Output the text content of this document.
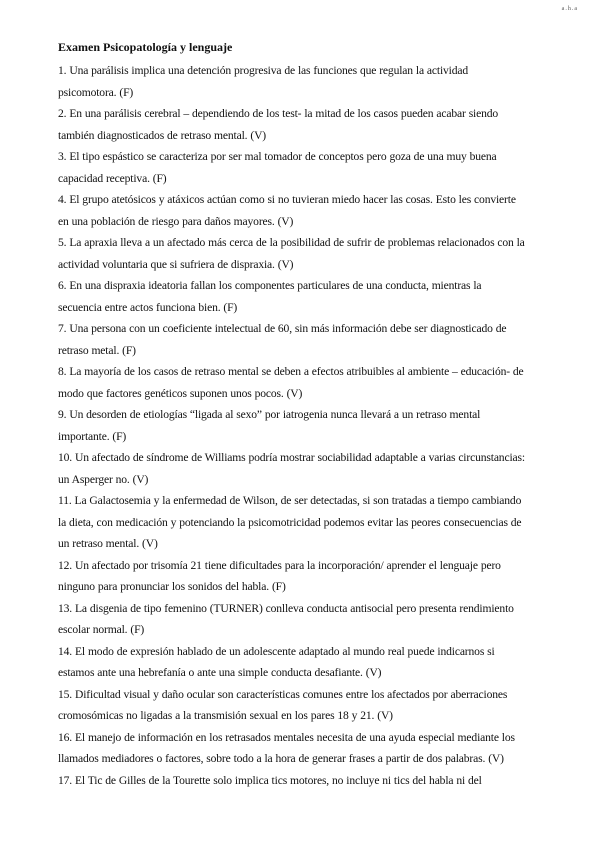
a.h.a
Examen Psicopatología y lenguaje

1. Una parálisis implica una detención progresiva de las funciones que regulan la actividad psicomotora. (F)

2. En una parálisis cerebral – dependiendo de los test- la mitad de los casos pueden acabar siendo también diagnosticados de retraso mental. (V)

3. El tipo espástico se caracteriza por ser mal tomador de conceptos pero goza de una muy buena capacidad receptiva. (F)

4. El grupo atetósicos y atáxicos actúan como si no tuvieran miedo hacer las cosas. Esto les convierte en una población de riesgo para daños mayores. (V)

5. La apraxia lleva a un afectado más cerca de la posibilidad de sufrir de problemas relacionados con la actividad voluntaria que si sufriera de dispraxia. (V)

6. En una dispraxia ideatoria fallan los componentes particulares de una conducta, mientras la secuencia entre actos funciona bien. (F)

7. Una persona con un coeficiente intelectual de 60, sin más información debe ser diagnosticado de retraso metal. (F)

8. La mayoría de los casos de retraso mental se deben a efectos atribuibles al ambiente – educación- de modo que factores genéticos suponen unos pocos. (V)

9. Un desorden de etiologías “ligada al sexo” por iatrogenia nunca llevará a un retraso mental importante. (F)

10. Un afectado de síndrome de Williams podría mostrar sociabilidad adaptable a varias circunstancias: un Asperger no. (V)

11. La Galactosemia y la enfermedad de Wilson, de ser detectadas, si son tratadas a tiempo cambiando la dieta, con medicación y potenciando la psicomotricidad podemos evitar las peores consecuencias de un retraso mental. (V)

12. Un afectado por trisomía 21 tiene dificultades para la incorporación/ aprender el lenguaje pero ninguno para pronunciar los sonidos del habla. (F)

13. La disgenia de tipo femenino (TURNER) conlleva conducta antisocial pero presenta rendimiento escolar normal. (F)

14. El modo de expresión hablado de un adolescente adaptado al mundo real puede indicarnos si estamos ante una hebrefanía o ante una simple conducta desafiante. (V)

15. Dificultad visual y daño ocular son características comunes entre los afectados por aberraciones cromosómicas no ligadas a la transmisión sexual en los pares 18 y 21. (V)

16. El manejo de información en los retrasados mentales necesita de una ayuda especial mediante los llamados mediadores o factores, sobre todo a la hora de generar frases a partir de dos palabras. (V)

17. El Tic de Gilles de la Tourette solo implica tics motores, no incluye ni tics del habla ni del
